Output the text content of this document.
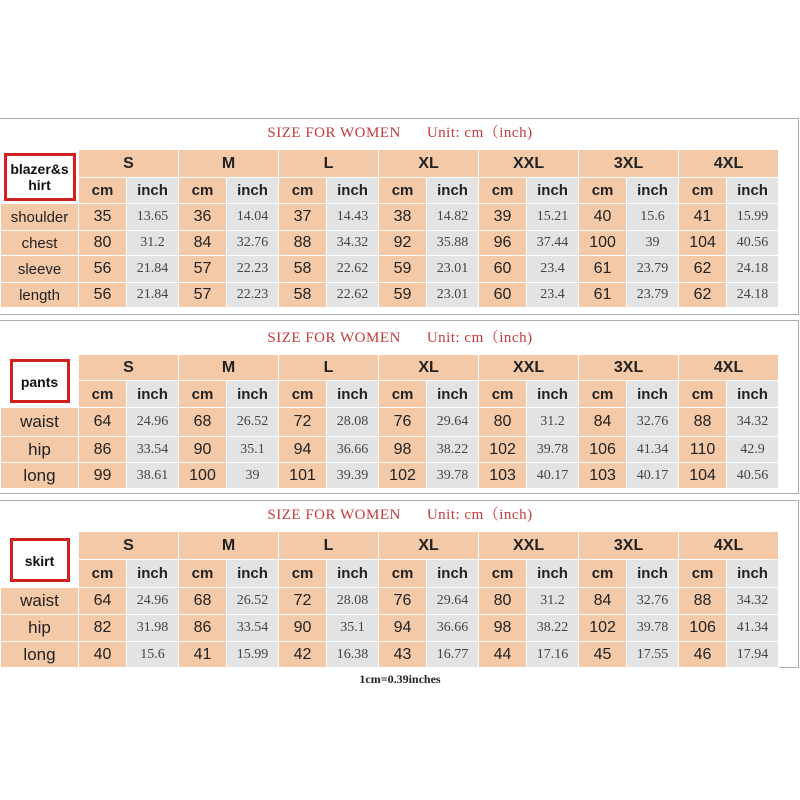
SIZE FOR WOMEN Unit: cm（inch)
SIZE FOR WOMEN Unit: cm（inch)
SIZE FOR WOMEN Unit: cm（inch)
blazer&s
hirt	S		M		L		XL		XXL		3XL		4XL	
	cm	inch	cm	inch	cm	inch	cm	inch	cm	inch	cm	inch	cm	inch
shoulder	35	13.65	36	14.04	37	14.43	38	14.82	39	15.21	40	15.6	41	15.99
chest	80	31.2	84	32.76	88	34.32	92	35.88	96	37.44	100	39	104	40.56
sleeve	56	21.84	57	22.23	58	22.62	59	23.01	60	23.4	61	23.79	62	24.18
length	56	21.84	57	22.23	58	22.62	59	23.01	60	23.4	61	23.79	62	24.18
pants	S		M		L		XL		XXL		3XL		4XL	
	cm	inch	cm	inch	cm	inch	cm	inch	cm	inch	cm	inch	cm	inch
waist	64	24.96	68	26.52	72	28.08	76	29.64	80	31.2	84	32.76	88	34.32
hip	86	33.54	90	35.1	94	36.66	98	38.22	102	39.78	106	41.34	110	42.9
long	99	38.61	100	39	101	39.39	102	39.78	103	40.17	103	40.17	104	40.56
skirt	S		M		L		XL		XXL		3XL		4XL	
	cm	inch	cm	inch	cm	inch	cm	inch	cm	inch	cm	inch	cm	inch
waist	64	24.96	68	26.52	72	28.08	76	29.64	80	31.2	84	32.76	88	34.32
hip	82	31.98	86	33.54	90	35.1	94	36.66	98	38.22	102	39.78	106	41.34
long	40	15.6	41	15.99	42	16.38	43	16.77	44	17.16	45	17.55	46	17.94
1cm=0.39inches
